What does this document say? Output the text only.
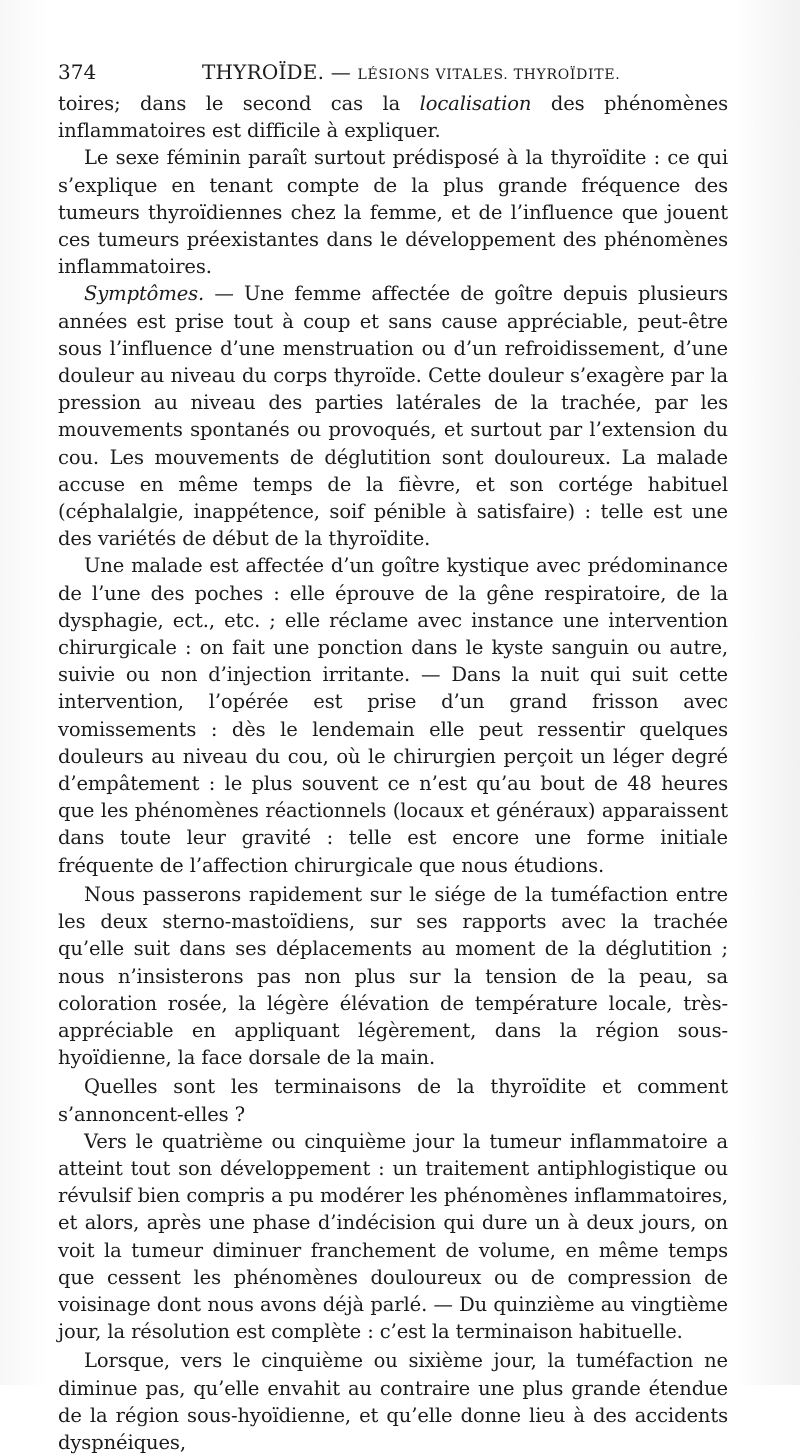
374	THYROÏDE. — LÉSIONS VITALES. THYROÏDITE.

toires; dans le second cas la localisation des phénomènes inflammatoires est difficile à expliquer.

Le sexe féminin paraît surtout prédisposé à la thyroïdite : ce qui s’explique en tenant compte de la plus grande fréquence des tumeurs thyroïdiennes chez la femme, et de l’influence que jouent ces tumeurs préexistantes dans le développement des phénomènes inflammatoires.

Symptômes. — Une femme affectée de goître depuis plusieurs années est prise tout à coup et sans cause appréciable, peut-être sous l’influence d’une menstruation ou d’un refroidissement, d’une douleur au niveau du corps thyroïde. Cette douleur s’exagère par la pression au niveau des parties latérales de la trachée, par les mouvements spontanés ou provoqués, et surtout par l’extension du cou. Les mouvements de déglutition sont douloureux. La malade accuse en même temps de la fièvre, et son cortége habituel (céphalalgie, inappétence, soif pénible à satisfaire) : telle est une des variétés de début de la thyroïdite.

Une malade est affectée d’un goître kystique avec prédominance de l’une des poches : elle éprouve de la gêne respiratoire, de la dysphagie, ect., etc. ; elle réclame avec instance une intervention chirurgicale : on fait une ponction dans le kyste sanguin ou autre, suivie ou non d’injection irritante. — Dans la nuit qui suit cette intervention, l’opérée est prise d’un grand frisson avec vomissements : dès le lendemain elle peut ressentir quelques douleurs au niveau du cou, où le chirurgien perçoit un léger degré d’empâtement : le plus souvent ce n’est qu’au bout de 48 heures que les phénomènes réactionnels (locaux et généraux) apparaissent dans toute leur gravité : telle est encore une forme initiale fréquente de l’affection chirurgicale que nous étudions.

Nous passerons rapidement sur le siége de la tuméfaction entre les deux sterno-mastoïdiens, sur ses rapports avec la trachée qu’elle suit dans ses déplacements au moment de la déglutition ; nous n’insisterons pas non plus sur la tension de la peau, sa coloration rosée, la légère élévation de température locale, très-appréciable en appliquant légèrement, dans la région sous-hyoïdienne, la face dorsale de la main.

Quelles sont les terminaisons de la thyroïdite et comment s’annoncent-elles ?

Vers le quatrième ou cinquième jour la tumeur inflammatoire a atteint tout son développement : un traitement antiphlogistique ou révulsif bien compris a pu modérer les phénomènes inflammatoires, et alors, après une phase d’indécision qui dure un à deux jours, on voit la tumeur diminuer franchement de volume, en même temps que cessent les phénomènes douloureux ou de compression de voisinage dont nous avons déjà parlé. — Du quinzième au vingtième jour, la résolution est complète : c’est la terminaison habituelle.

Lorsque, vers le cinquième ou sixième jour, la tuméfaction ne diminue pas, qu’elle envahit au contraire une plus grande étendue de la région sous-hyoïdienne, et qu’elle donne lieu à des accidents dyspnéiques,
